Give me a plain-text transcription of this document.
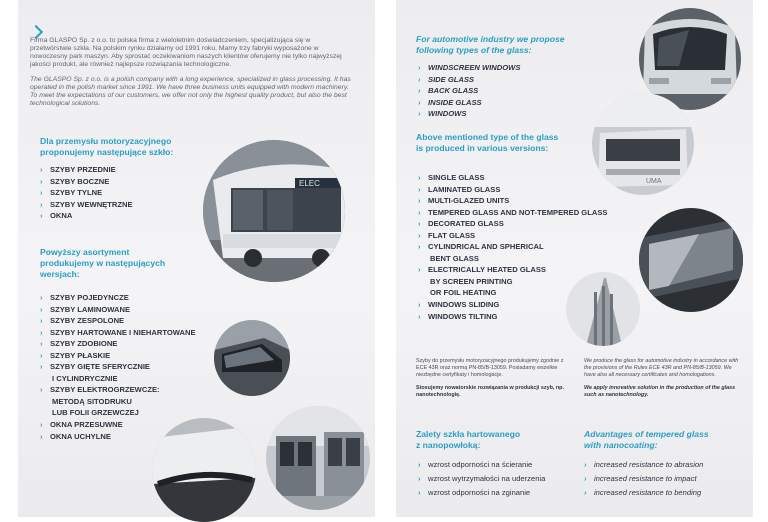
Firma GLASPO Sp. z o.o. to polska firma z wieloletnim doświadczeniem, specjalizująca się w przetwórstwie szkła. Na polskim rynku działamy od 1991 roku. Mamy trzy fabryki wyposażone w nowoczesny park maszyn. Aby sprostać oczekiwaniom naszych klientów oferujemy nie tylko najwyższej jakości produkt, ale również najlepsze rozwiązania technologiczne.

The GLASPO Sp. z o.o. is a polish company with a long experience, specialized in glass processing. It has operated in the polish market since 1991. We have three business units equipped with modern machinery. To meet the expectations of our customers, we offer not only the highest quality product, but also the best technological solutions.

Dla przemysłu motoryzacyjnego
proponujemy następujące szkło:
› SZYBY PRZEDNIE
› SZYBY BOCZNE
› SZYBY TYLNE
› SZYBY WEWNĘTRZNE
› OKNA
Powyższy asortyment
produkujemy w następujących
wersjach:
› SZYBY POJEDYNCZE
› SZYBY LAMINOWANE
› SZYBY ZESPOLONE
› SZYBY HARTOWANE I NIEHARTOWANE
› SZYBY ZDOBIONE
› SZYBY PŁASKIE
› SZYBY GIĘTE SFERYCZNIE
I CYLINDRYCZNIE
› SZYBY ELEKTROGRZEWCZE:
METODĄ SITODRUKU
LUB FOLII GRZEWCZEJ
› OKNA PRZESUWNE
› OKNA UCHYLNE
ELEC
For automotive industry we propose
following types of the glass:
› WINDSCREEN WINDOWS
› SIDE GLASS
› BACK GLASS
› INSIDE GLASS
› WINDOWS
Above mentioned type of the glass
is produced in various versions:
› SINGLE GLASS
› LAMINATED GLASS
› MULTI-GLAZED UNITS
› TEMPERED GLASS AND NOT-TEMPERED GLASS
› DECORATED GLASS
› FLAT GLASS
› CYLINDRICAL AND SPHERICAL
BENT GLASS
› ELECTRICALLY HEATED GLASS
BY SCREEN PRINTING
OR FOIL HEATING
› WINDOWS SLIDING
› WINDOWS TILTING

Szyby do przemysłu motoryzacyjnego produkujemy zgodnie z ECE 43R oraz normą PN-85/B-13059. Posiadamy wszelkie niezbędne certyfikaty i homologacje.
Stosujemy nowatorskie rozwiązania w produkcji szyb, np. nanotechnologię.

We produce the glass for automotive industry in accordance with the provisions of the Rules ECE 43R and PN-85/B-13059. We have also all necessary certificates and homologations.
We apply innovative solution in the production of the glass such as nanotechnology.

Zalety szkła hartowanego
z nanopowłoką:
› wzrost odporności na ścieranie
› wzrost wytrzymałości na uderzenia
› wzrost odporności na zginanie
Advantages of tempered glass
with nanocoating:
› increased resistance to abrasion
› increased resistance to impact
› increased resistance to bending
UMA
